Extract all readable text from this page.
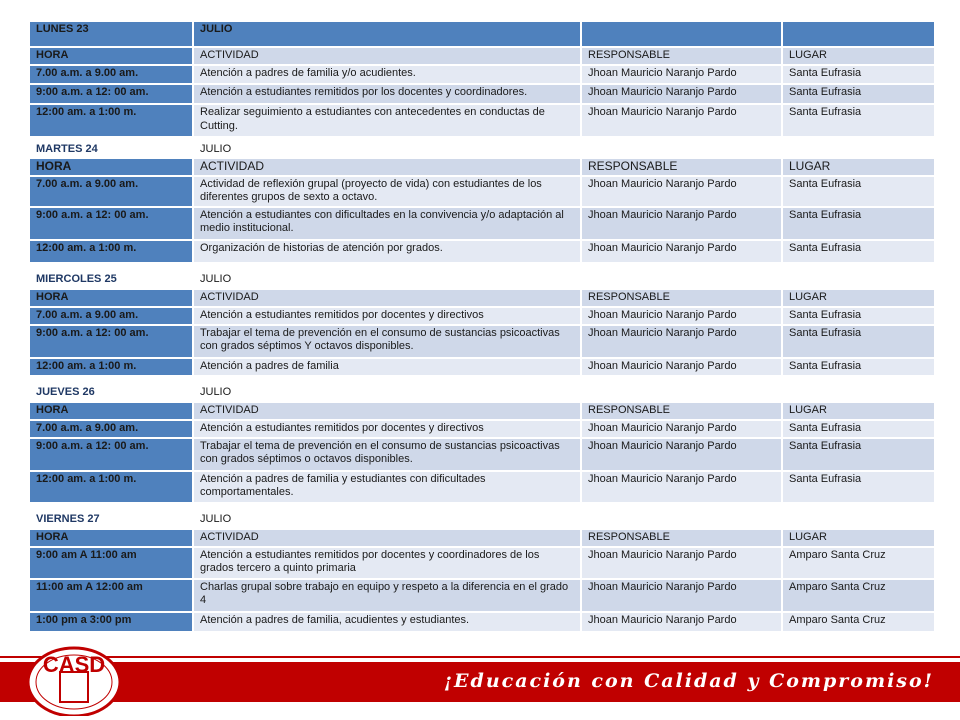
LUNES 23	JULIO		
HORA	ACTIVIDAD	RESPONSABLE	LUGAR
7.00 a.m. a 9.00 am.	Atención a padres de familia y/o acudientes.	Jhoan Mauricio Naranjo Pardo	Santa Eufrasia
9:00 a.m. a 12: 00 am.	Atención a estudiantes remitidos por los docentes y coordinadores.	Jhoan Mauricio Naranjo Pardo	Santa Eufrasia
12:00 am. a 1:00 m.	Realizar seguimiento a estudiantes con antecedentes en conductas de Cutting.	Jhoan Mauricio Naranjo Pardo	Santa Eufrasia
MARTES 24	JULIO		
HORA	ACTIVIDAD	RESPONSABLE	LUGAR
7.00 a.m. a 9.00 am.	Actividad de reflexión grupal (proyecto de vida) con estudiantes de los diferentes grupos de sexto a octavo.	Jhoan Mauricio Naranjo Pardo	Santa Eufrasia
9:00 a.m. a 12: 00 am.	Atención a estudiantes con dificultades en la convivencia y/o adaptación al medio institucional.	Jhoan Mauricio Naranjo Pardo	Santa Eufrasia
12:00 am. a 1:00 m.	Organización de historias de atención por grados.	Jhoan Mauricio Naranjo Pardo	Santa Eufrasia
MIERCOLES 25	JULIO		
HORA	ACTIVIDAD	RESPONSABLE	LUGAR
7.00 a.m. a 9.00 am.	Atención a estudiantes remitidos por docentes y directivos	Jhoan Mauricio Naranjo Pardo	Santa Eufrasia
9:00 a.m. a 12: 00 am.	Trabajar el tema de prevención en el consumo de sustancias psicoactivas con grados séptimos Y octavos disponibles.	Jhoan Mauricio Naranjo Pardo	Santa Eufrasia
12:00 am. a 1:00 m.	Atención a padres de familia	Jhoan Mauricio Naranjo Pardo	Santa Eufrasia
JUEVES 26	JULIO		
HORA	ACTIVIDAD	RESPONSABLE	LUGAR
7.00 a.m. a 9.00 am.	Atención a estudiantes remitidos por docentes y directivos	Jhoan Mauricio Naranjo Pardo	Santa Eufrasia
9:00 a.m. a 12: 00 am.	Trabajar el tema de prevención en el consumo de sustancias psicoactivas con grados séptimos o octavos disponibles.	Jhoan Mauricio Naranjo Pardo	Santa Eufrasia
12:00 am. a 1:00 m.	Atención a padres de familia y estudiantes con dificultades comportamentales.	Jhoan Mauricio Naranjo Pardo	Santa Eufrasia
VIERNES 27	JULIO		
HORA	ACTIVIDAD	RESPONSABLE	LUGAR
9:00 am A 11:00 am	Atención a estudiantes remitidos por docentes y coordinadores de los grados tercero a quinto primaria	Jhoan Mauricio Naranjo Pardo	Amparo Santa Cruz
11:00 am A 12:00 am	Charlas grupal sobre trabajo en equipo y respeto a la diferencia en el grado 4	Jhoan Mauricio Naranjo Pardo	Amparo Santa Cruz
1:00 pm a 3:00 pm	Atención a padres de familia, acudientes y estudiantes.	Jhoan Mauricio Naranjo Pardo	Amparo Santa Cruz
CASD
¡Educación con Calidad y Compromiso!
